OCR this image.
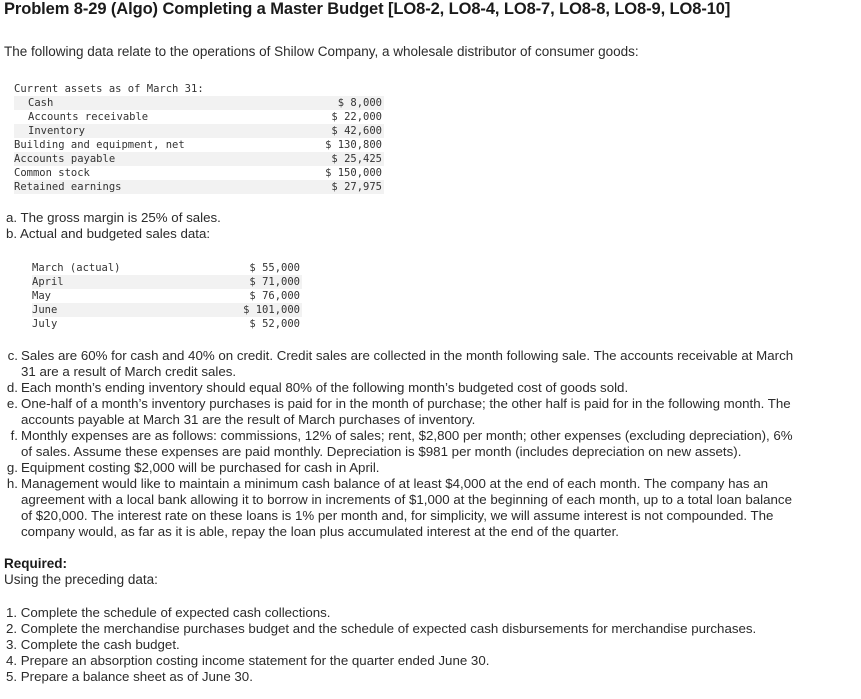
Problem 8-29 (Algo) Completing a Master Budget [LO8-2, LO8-4, LO8-7, LO8-8, LO8-9, LO8-10]
The following data relate to the operations of Shilow Company, a wholesale distributor of consumer goods:
Current assets as of March 31:	
Cash	$ 8,000
Accounts receivable	$ 22,000
Inventory	$ 42,600
Building and equipment, net	$ 130,800
Accounts payable	$ 25,425
Common stock	$ 150,000
Retained earnings	$ 27,975
a. The gross margin is 25% of sales.
b. Actual and budgeted sales data:
March (actual)	$ 55,000
April	$ 71,000
May	$ 76,000
June	$ 101,000
July	$ 52,000
c. Sales are 60% for cash and 40% on credit. Credit sales are collected in the month following sale. The accounts receivable at March
31 are a result of March credit sales.
d. Each month’s ending inventory should equal 80% of the following month’s budgeted cost of goods sold.
e. One-half of a month’s inventory purchases is paid for in the month of purchase; the other half is paid for in the following month. The
accounts payable at March 31 are the result of March purchases of inventory.
f. Monthly expenses are as follows: commissions, 12% of sales; rent, $2,800 per month; other expenses (excluding depreciation), 6%
of sales. Assume these expenses are paid monthly. Depreciation is $981 per month (includes depreciation on new assets).
g. Equipment costing $2,000 will be purchased for cash in April.
h. Management would like to maintain a minimum cash balance of at least $4,000 at the end of each month. The company has an
agreement with a local bank allowing it to borrow in increments of $1,000 at the beginning of each month, up to a total loan balance
of $20,000. The interest rate on these loans is 1% per month and, for simplicity, we will assume interest is not compounded. The
company would, as far as it is able, repay the loan plus accumulated interest at the end of the quarter.
Required:
Using the preceding data:
1. Complete the schedule of expected cash collections.
2. Complete the merchandise purchases budget and the schedule of expected cash disbursements for merchandise purchases.
3. Complete the cash budget.
4. Prepare an absorption costing income statement for the quarter ended June 30.
5. Prepare a balance sheet as of June 30.
